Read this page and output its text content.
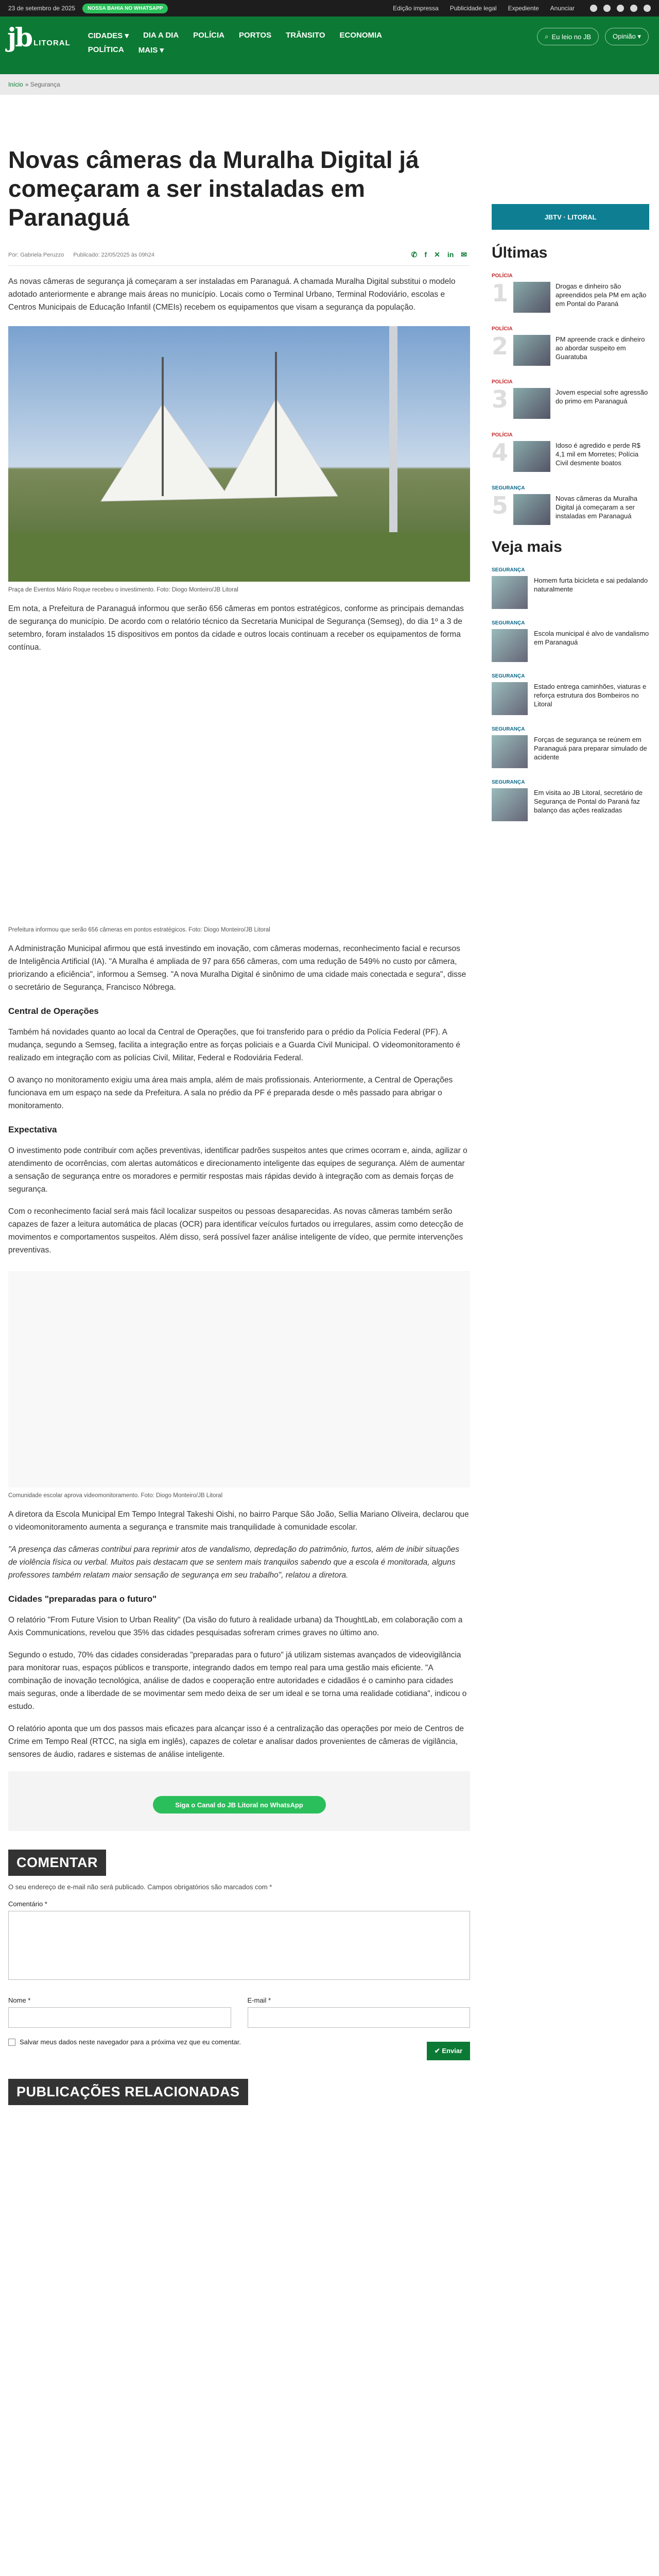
23 de setembro de 2025	NOSSA BAHIA NO WHATSAPP	Edição impressa Publicidade legal Expediente Anunciar
jb LITORAL
CIDADES ▾ DIA A DIA POLÍCIA PORTOS TRÂNSITO ECONOMIA
POLÍTICA MAIS ▾
⌕ Eu leio no JB	Opinião ▾
Início » Segurança
Novas câmeras da Muralha Digital já começaram a ser instaladas em Paranaguá
Por: Gabriela Peruzzo Publicado: 22/05/2025 às 09h24	✆ f ✕ in ✉

As novas câmeras de segurança já começaram a ser instaladas em Paranaguá. A chamada Muralha Digital substitui o modelo adotado anteriormente e abrange mais áreas no município. Locais como o Terminal Urbano, Terminal Rodoviário, escolas e Centros Municipais de Educação Infantil (CMEIs) recebem os equipamentos que visam a segurança da população.

Praça de Eventos Mário Roque recebeu o investimento. Foto: Diogo Monteiro/JB Litoral

Em nota, a Prefeitura de Paranaguá informou que serão 656 câmeras em pontos estratégicos, conforme as principais demandas de segurança do município. De acordo com o relatório técnico da Secretaria Municipal de Segurança (Semseg), do dia 1º a 3 de setembro, foram instalados 15 dispositivos em pontos da cidade e outros locais continuam a receber os equipamentos de forma contínua.

Prefeitura informou que serão 656 câmeras em pontos estratégicos. Foto: Diogo Monteiro/JB Litoral

A Administração Municipal afirmou que está investindo em inovação, com câmeras modernas, reconhecimento facial e recursos de Inteligência Artificial (IA). "A Muralha é ampliada de 97 para 656 câmeras, com uma redução de 549% no custo por câmera, priorizando a eficiência", informou a Semseg. "A nova Muralha Digital é sinônimo de uma cidade mais conectada e segura", disse o secretário de Segurança, Francisco Nóbrega.

Central de Operações

Também há novidades quanto ao local da Central de Operações, que foi transferido para o prédio da Polícia Federal (PF). A mudança, segundo a Semseg, facilita a integração entre as forças policiais e a Guarda Civil Municipal. O videomonitoramento é realizado em integração com as polícias Civil, Militar, Federal e Rodoviária Federal.

O avanço no monitoramento exigiu uma área mais ampla, além de mais profissionais. Anteriormente, a Central de Operações funcionava em um espaço na sede da Prefeitura. A sala no prédio da PF é preparada desde o mês passado para abrigar o monitoramento.

Expectativa

O investimento pode contribuir com ações preventivas, identificar padrões suspeitos antes que crimes ocorram e, ainda, agilizar o atendimento de ocorrências, com alertas automáticos e direcionamento inteligente das equipes de segurança. Além de aumentar a sensação de segurança entre os moradores e permitir respostas mais rápidas devido à integração com as demais forças de segurança.

Com o reconhecimento facial será mais fácil localizar suspeitos ou pessoas desaparecidas. As novas câmeras também serão capazes de fazer a leitura automática de placas (OCR) para identificar veículos furtados ou irregulares, assim como detecção de movimentos e comportamentos suspeitos. Além disso, será possível fazer análise inteligente de vídeo, que permite intervenções preventivas.

Comunidade escolar aprova videomonitoramento. Foto: Diogo Monteiro/JB Litoral

A diretora da Escola Municipal Em Tempo Integral Takeshi Oishi, no bairro Parque São João, Sellia Mariano Oliveira, declarou que o videomonitoramento aumenta a segurança e transmite mais tranquilidade à comunidade escolar.

"A presença das câmeras contribui para reprimir atos de vandalismo, depredação do patrimônio, furtos, além de inibir situações de violência física ou verbal. Muitos pais destacam que se sentem mais tranquilos sabendo que a escola é monitorada, alguns professores também relatam maior sensação de segurança em seu trabalho", relatou a diretora.

Cidades "preparadas para o futuro"

O relatório "From Future Vision to Urban Reality" (Da visão do futuro à realidade urbana) da ThoughtLab, em colaboração com a Axis Communications, revelou que 35% das cidades pesquisadas sofreram crimes graves no último ano.

Segundo o estudo, 70% das cidades consideradas "preparadas para o futuro" já utilizam sistemas avançados de videovigilância para monitorar ruas, espaços públicos e transporte, integrando dados em tempo real para uma gestão mais eficiente. "A combinação de inovação tecnológica, análise de dados e cooperação entre autoridades e cidadãos é o caminho para cidades mais seguras, onde a liberdade de se movimentar sem medo deixa de ser um ideal e se torna uma realidade cotidiana", indicou o estudo.

O relatório aponta que um dos passos mais eficazes para alcançar isso é a centralização das operações por meio de Centros de Crime em Tempo Real (RTCC, na sigla em inglês), capazes de coletar e analisar dados provenientes de câmeras de vigilância, sensores de áudio, radares e sistemas de análise inteligente.

Siga o Canal do JB Litoral no WhatsApp
COMENTAR
O seu endereço de e-mail não será publicado. Campos obrigatórios são marcados com *
Comentário *
Nome *	E-mail *
Salvar meus dados neste navegador para a próxima vez que eu comentar.
✔ Enviar
PUBLICAÇÕES RELACIONADAS
JBTV · LITORAL
Últimas
POLÍCIA
1	Drogas e dinheiro são apreendidos pela PM em ação em Pontal do Paraná
POLÍCIA
2	PM apreende crack e dinheiro ao abordar suspeito em Guaratuba
POLÍCIA
3	Jovem especial sofre agressão do primo em Paranaguá
POLÍCIA
4	Idoso é agredido e perde R$ 4,1 mil em Morretes; Polícia Civil desmente boatos
SEGURANÇA
5	Novas câmeras da Muralha Digital já começaram a ser instaladas em Paranaguá
Veja mais
SEGURANÇA
Homem furta bicicleta e sai pedalando naturalmente
SEGURANÇA
Escola municipal é alvo de vandalismo em Paranaguá
SEGURANÇA
Estado entrega caminhões, viaturas e reforça estrutura dos Bombeiros no Litoral
SEGURANÇA
Forças de segurança se reúnem em Paranaguá para preparar simulado de acidente
SEGURANÇA
Em visita ao JB Litoral, secretário de Segurança de Pontal do Paraná faz balanço das ações realizadas
